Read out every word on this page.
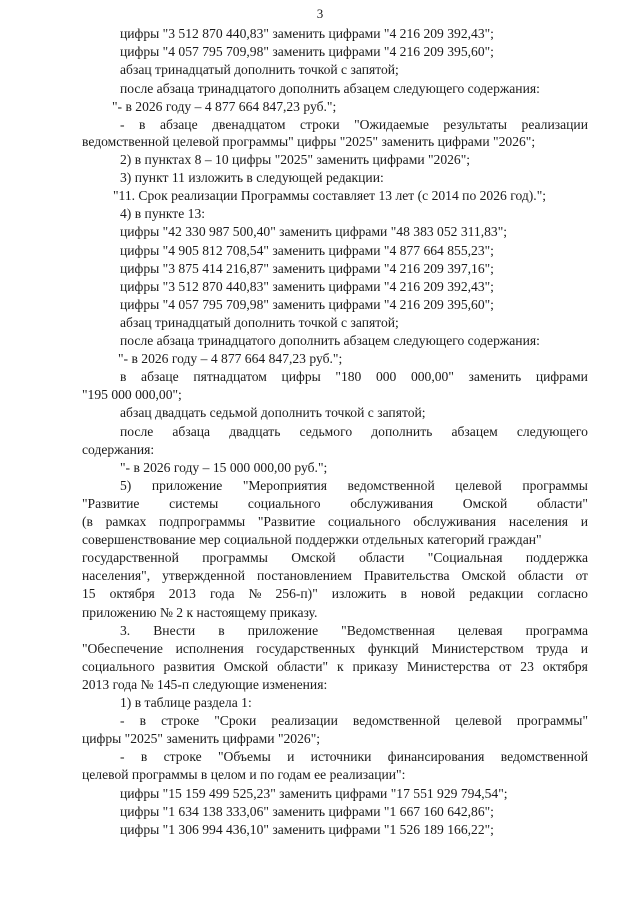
3
цифры "3 512 870 440,83" заменить цифрами "4 216 209 392,43";
цифры "4 057 795 709,98" заменить цифрами "4 216 209 395,60";
абзац тринадцатый дополнить точкой с запятой;
после абзаца тринадцатого дополнить абзацем следующего содержания:
"- в 2026 году – 4 877 664 847,23 руб.";
- в абзаце двенадцатом строки "Ожидаемые результаты реализации
ведомственной целевой программы" цифры "2025" заменить цифрами "2026";
2) в пунктах 8 – 10 цифры "2025" заменить цифрами "2026";
3) пункт 11 изложить в следующей редакции:
"11. Срок реализации Программы составляет 13 лет (с 2014 по 2026 год).";
4) в пункте 13:
цифры "42 330 987 500,40" заменить цифрами "48 383 052 311,83";
цифры "4 905 812 708,54" заменить цифрами "4 877 664 855,23";
цифры "3 875 414 216,87" заменить цифрами "4 216 209 397,16";
цифры "3 512 870 440,83" заменить цифрами "4 216 209 392,43";
цифры "4 057 795 709,98" заменить цифрами "4 216 209 395,60";
абзац тринадцатый дополнить точкой с запятой;
после абзаца тринадцатого дополнить абзацем следующего содержания:
"- в 2026 году – 4 877 664 847,23 руб.";
в абзаце пятнадцатом цифры "180 000 000,00" заменить цифрами
"195 000 000,00";
абзац двадцать седьмой дополнить точкой с запятой;
после абзаца двадцать седьмого дополнить абзацем следующего
содержания:
"- в 2026 году – 15 000 000,00 руб.";
5) приложение "Мероприятия ведомственной целевой программы
"Развитие системы социального обслуживания Омской области"
(в рамках подпрограммы "Развитие социального обслуживания населения и
совершенствование мер социальной поддержки отдельных категорий граждан"
государственной программы Омской области "Социальная поддержка
населения", утвержденной постановлением Правительства Омской области от
15 октября 2013 года № 256-п)" изложить в новой редакции согласно
приложению № 2 к настоящему приказу.
3. Внести в приложение "Ведомственная целевая программа
"Обеспечение исполнения государственных функций Министерством труда и
социального развития Омской области" к приказу Министерства от 23 октября
2013 года № 145-п следующие изменения:
1) в таблице раздела 1:
- в строке "Сроки реализации ведомственной целевой программы"
цифры "2025" заменить цифрами "2026";
- в строке "Объемы и источники финансирования ведомственной
целевой программы в целом и по годам ее реализации":
цифры "15 159 499 525,23" заменить цифрами "17 551 929 794,54";
цифры "1 634 138 333,06" заменить цифрами "1 667 160 642,86";
цифры "1 306 994 436,10" заменить цифрами "1 526 189 166,22";
